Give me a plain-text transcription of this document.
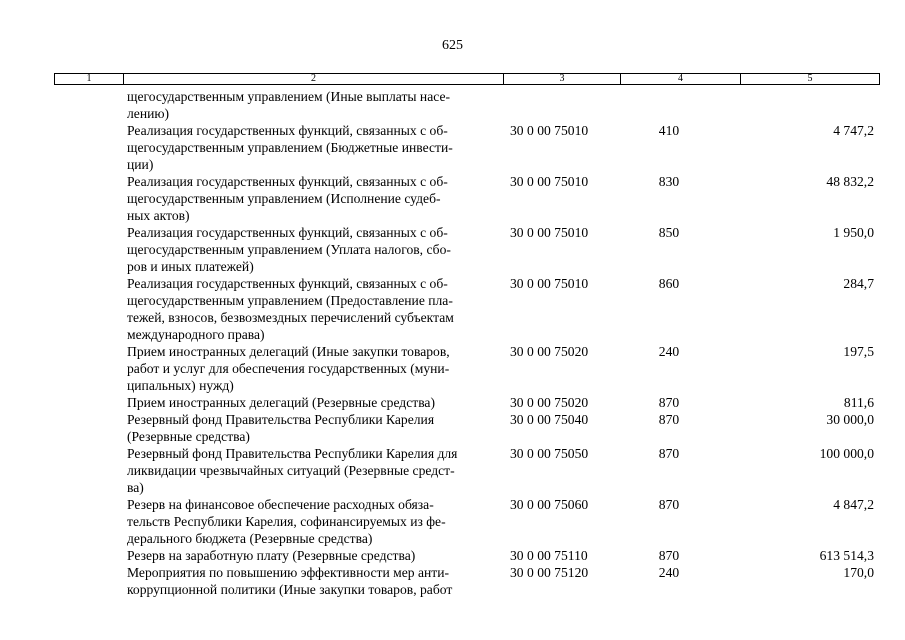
625
1	2	3	4	5
щегосударственным управлением (Иные выплаты насе-
лению)
Реализация государственных функций, связанных с об-
щегосударственным управлением (Бюджетные инвести-
ции)
30 0 00 75010	410	4 747,2
Реализация государственных функций, связанных с об-
щегосударственным управлением (Исполнение судеб-
ных актов)
30 0 00 75010	830	48 832,2
Реализация государственных функций, связанных с об-
щегосударственным управлением (Уплата налогов, сбо-
ров и иных платежей)
30 0 00 75010	850	1 950,0
Реализация государственных функций, связанных с об-
щегосударственным управлением (Предоставление пла-
тежей, взносов, безвозмездных перечислений субъектам
международного права)
30 0 00 75010	860	284,7
Прием иностранных делегаций (Иные закупки товаров,
работ и услуг для обеспечения государственных (муни-
ципальных) нужд)
30 0 00 75020	240	197,5
Прием иностранных делегаций (Резервные средства)	30 0 00 75020	870	811,6
Резервный фонд Правительства Республики Карелия
(Резервные средства)
30 0 00 75040	870	30 000,0
Резервный фонд Правительства Республики Карелия для
ликвидации чрезвычайных ситуаций (Резервные средст-
ва)
30 0 00 75050	870	100 000,0
Резерв на финансовое обеспечение расходных обяза-
тельств Республики Карелия, софинансируемых из фе-
дерального бюджета (Резервные средства)
30 0 00 75060	870	4 847,2
Резерв на заработную плату (Резервные средства)	30 0 00 75110	870	613 514,3
Мероприятия по повышению эффективности мер анти-
коррупционной политики (Иные закупки товаров, работ
30 0 00 75120	240	170,0
